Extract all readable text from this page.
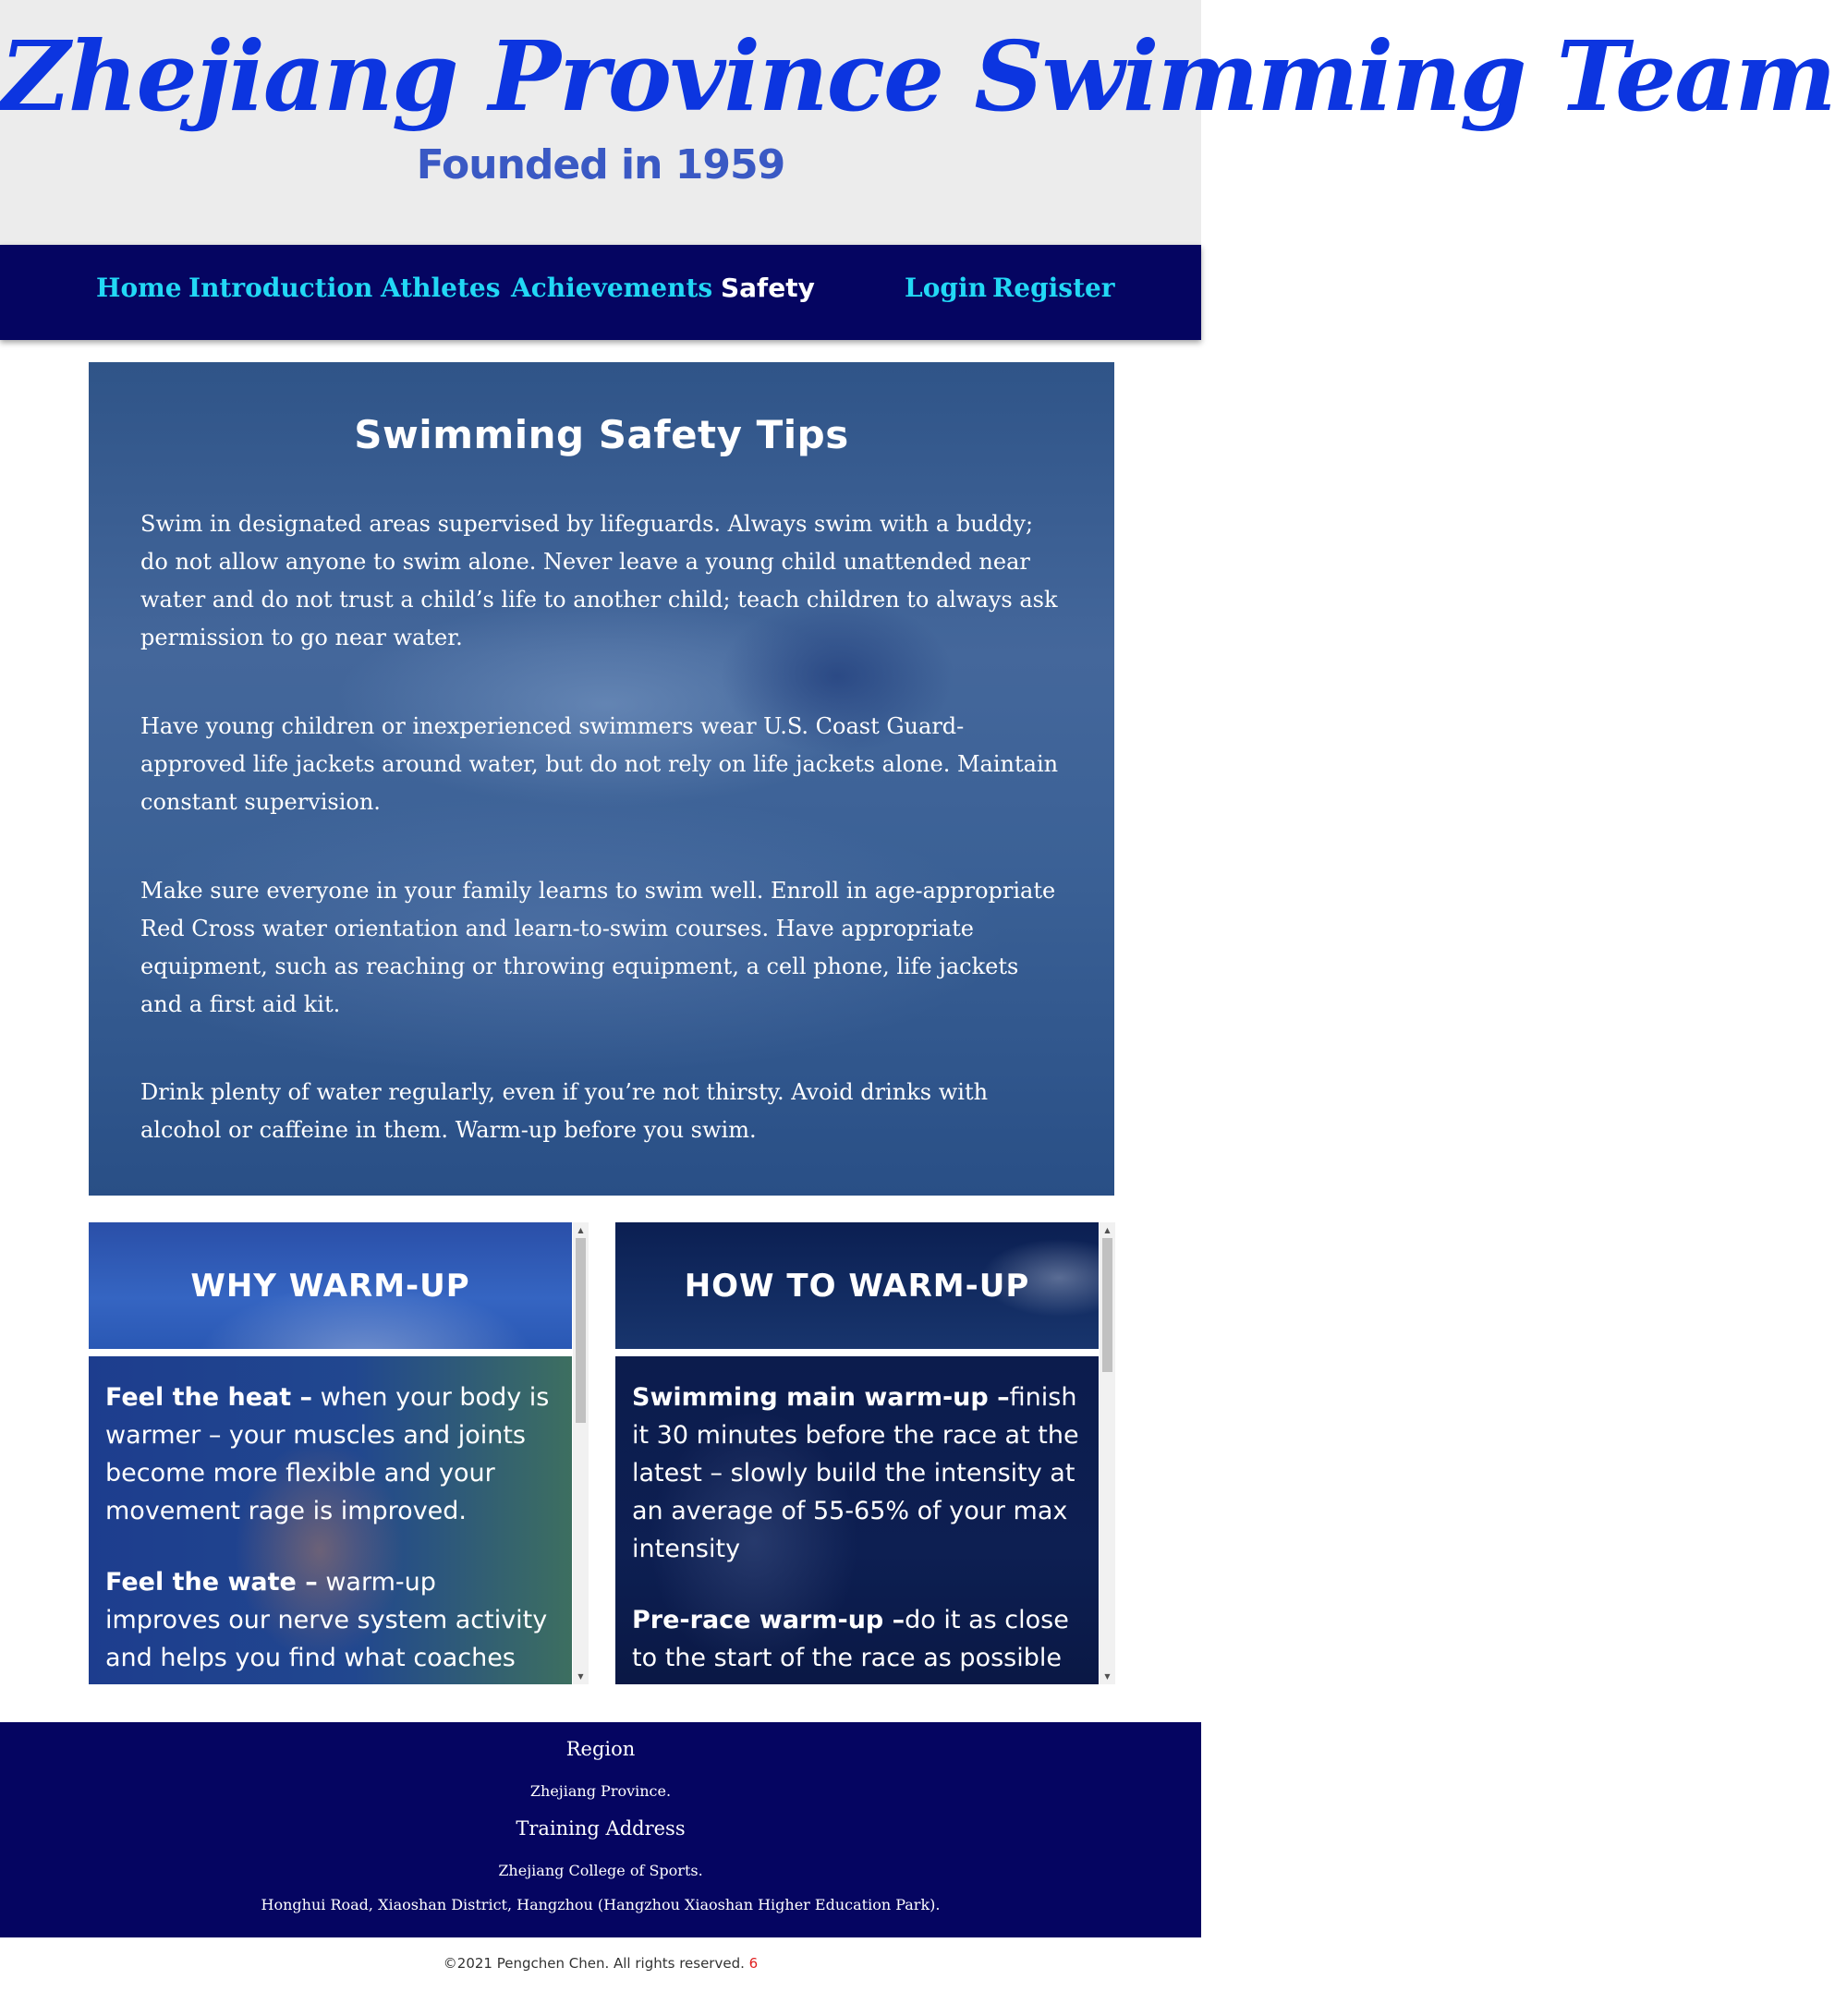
Zhejiang Province Swimming Team
Founded in 1959
Home Introduction Athletes Achievements Safety	Login Register
Swimming Safety Tips

Swim in designated areas supervised by lifeguards. Always swim with a buddy; do not allow anyone to swim alone. Never leave a young child unattended near water and do not trust a child’s life to another child; teach children to always ask permission to go near water.

Have young children or inexperienced swimmers wear U.S. Coast Guard-approved life jackets around water, but do not rely on life jackets alone. Maintain constant supervision.

Make sure everyone in your family learns to swim well. Enroll in age-appropriate Red Cross water orientation and learn-to-swim courses. Have appropriate equipment, such as reaching or throwing equipment, a cell phone, life jackets and a first aid kit.

Drink plenty of water regularly, even if you’re not thirsty. Avoid drinks with alcohol or caffeine in them. Warm-up before you swim.

WHY WARM-UP

Feel the heat – when your body is warmer – your muscles and joints become more flexible and your movement rage is improved.

Feel the wate – warm-up improves our nerve system activity and helps you find what coaches call ,the feel for the

▲
▼
HOW TO WARM-UP

Swimming main warm-up –finish it 30 minutes before the race at the latest – slowly build the intensity at an average of 55-65% of your max intensity

Pre-race warm-up –do it as close to the start of the race as possible (5

▲
▼
Region
Zhejiang Province.
Training Address
Zhejiang College of Sports.
Honghui Road, Xiaoshan District, Hangzhou (Hangzhou Xiaoshan Higher Education Park).
©2021 Pengchen Chen. All rights reserved. 6
